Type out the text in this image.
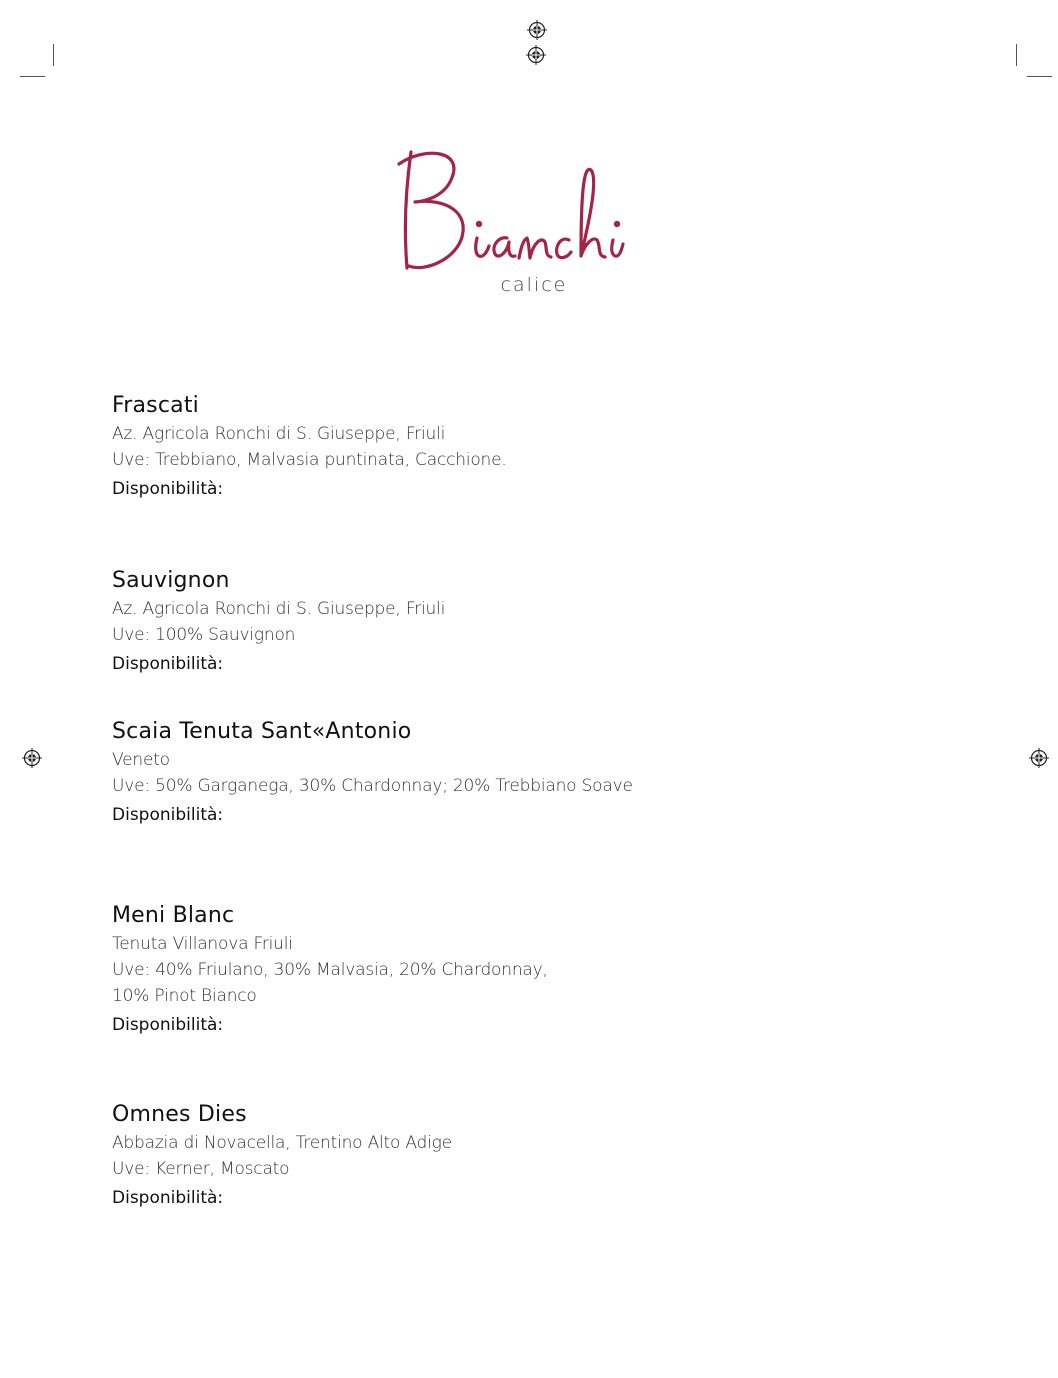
calice
Frascati
Az. Agricola Ronchi di S. Giuseppe, Friuli
Uve: Trebbiano, Malvasia puntinata, Cacchione.
Disponibilità:
Sauvignon
Az. Agricola Ronchi di S. Giuseppe, Friuli
Uve: 100% Sauvignon
Disponibilità:
Scaia Tenuta Sant«Antonio
Veneto
Uve: 50% Garganega, 30% Chardonnay; 20% Trebbiano Soave
Disponibilità:
Meni Blanc
Tenuta Villanova Friuli
Uve: 40% Friulano, 30% Malvasia, 20% Chardonnay,
10% Pinot Bianco
Disponibilità:
Omnes Dies
Abbazia di Novacella, Trentino Alto Adige
Uve: Kerner, Moscato
Disponibilità:
